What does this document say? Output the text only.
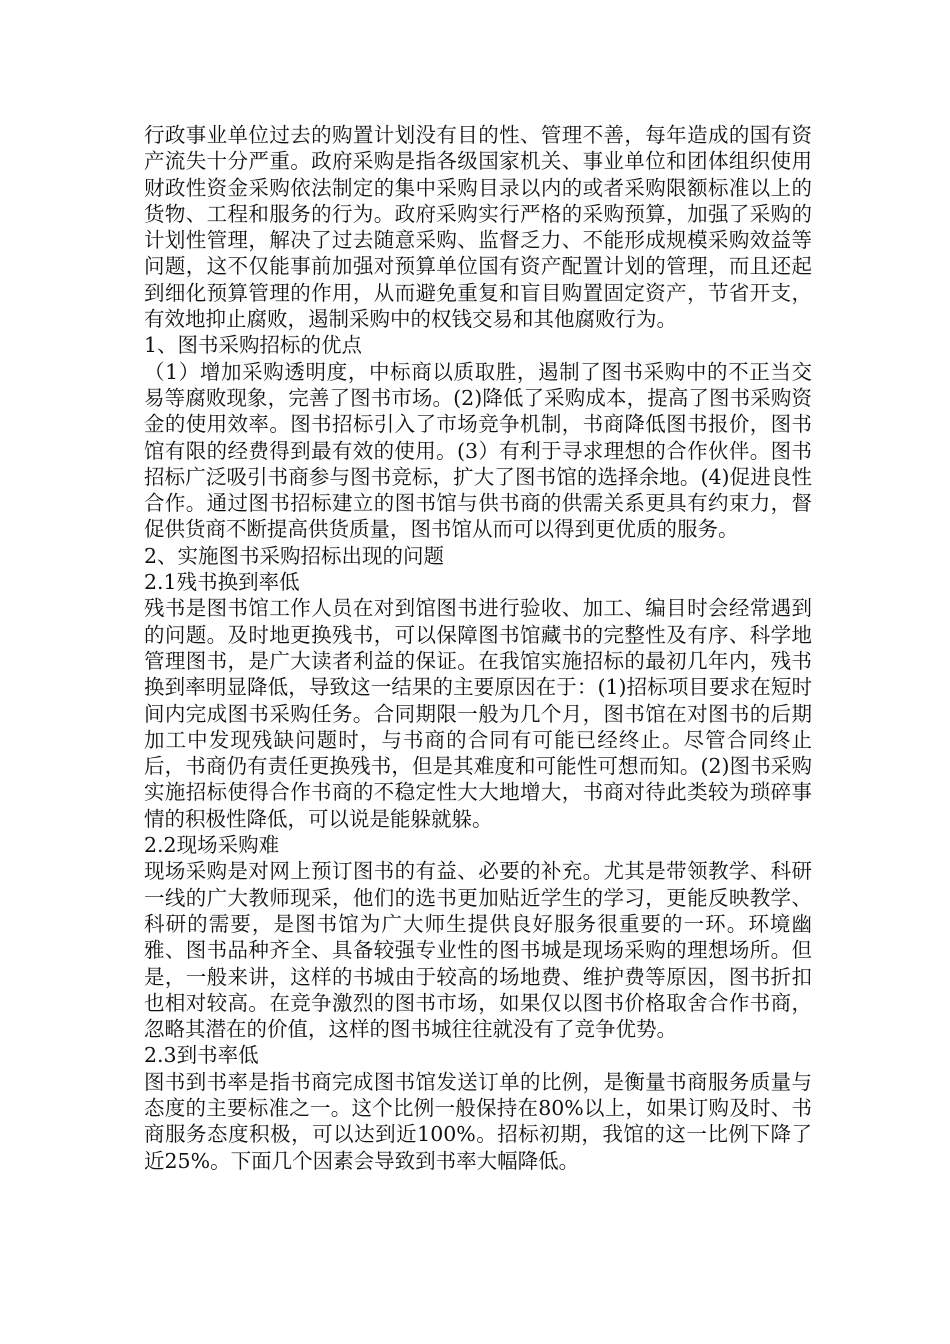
行政事业单位过去的购置计划没有目的性、管理不善，每年造成的国有资产流失十分严重。政府采购是指各级国家机关、事业单位和团体组织使用财政性资金采购依法制定的集中采购目录以内的或者采购限额标准以上的货物、工程和服务的行为。政府采购实行严格的采购预算，加强了采购的计划性管理，解决了过去随意采购、监督乏力、不能形成规模采购效益等问题，这不仅能事前加强对预算单位国有资产配置计划的管理，而且还起到细化预算管理的作用，从而避免重复和盲目购置固定资产，节省开支，有效地抑止腐败，遏制采购中的权钱交易和其他腐败行为。

1、图书采购招标的优点

（1）增加采购透明度，中标商以质取胜，遏制了图书采购中的不正当交易等腐败现象，完善了图书市场。(2)降低了采购成本，提高了图书采购资金的使用效率。图书招标引入了市场竞争机制，书商降低图书报价，图书馆有限的经费得到最有效的使用。(3）有利于寻求理想的合作伙伴。图书招标广泛吸引书商参与图书竞标，扩大了图书馆的选择余地。(4)促进良性合作。通过图书招标建立的图书馆与供书商的供需关系更具有约束力，督促供货商不断提高供货质量，图书馆从而可以得到更优质的服务。

2、实施图书采购招标出现的问题

2.1残书换到率低

残书是图书馆工作人员在对到馆图书进行验收、加工、编目时会经常遇到的问题。及时地更换残书，可以保障图书馆藏书的完整性及有序、科学地管理图书，是广大读者利益的保证。在我馆实施招标的最初几年内，残书换到率明显降低，导致这一结果的主要原因在于：(1)招标项目要求在短时间内完成图书采购任务。合同期限一般为几个月，图书馆在对图书的后期加工中发现残缺问题时，与书商的合同有可能已经终止。尽管合同终止后，书商仍有责任更换残书，但是其难度和可能性可想而知。(2)图书采购实施招标使得合作书商的不稳定性大大地增大，书商对待此类较为琐碎事情的积极性降低，可以说是能躲就躲。

2.2现场采购难

现场采购是对网上预订图书的有益、必要的补充。尤其是带领教学、科研一线的广大教师现采，他们的选书更加贴近学生的学习，更能反映教学、科研的需要，是图书馆为广大师生提供良好服务很重要的一环。环境幽雅、图书品种齐全、具备较强专业性的图书城是现场采购的理想场所。但是，一般来讲，这样的书城由于较高的场地费、维护费等原因，图书折扣也相对较高。在竞争激烈的图书市场，如果仅以图书价格取舍合作书商，忽略其潜在的价值，这样的图书城往往就没有了竞争优势。

2.3到书率低

图书到书率是指书商完成图书馆发送订单的比例，是衡量书商服务质量与态度的主要标准之一。这个比例一般保持在80%以上，如果订购及时、书商服务态度积极，可以达到近100%。招标初期，我馆的这一比例下降了近25%。下面几个因素会导致到书率大幅降低。
